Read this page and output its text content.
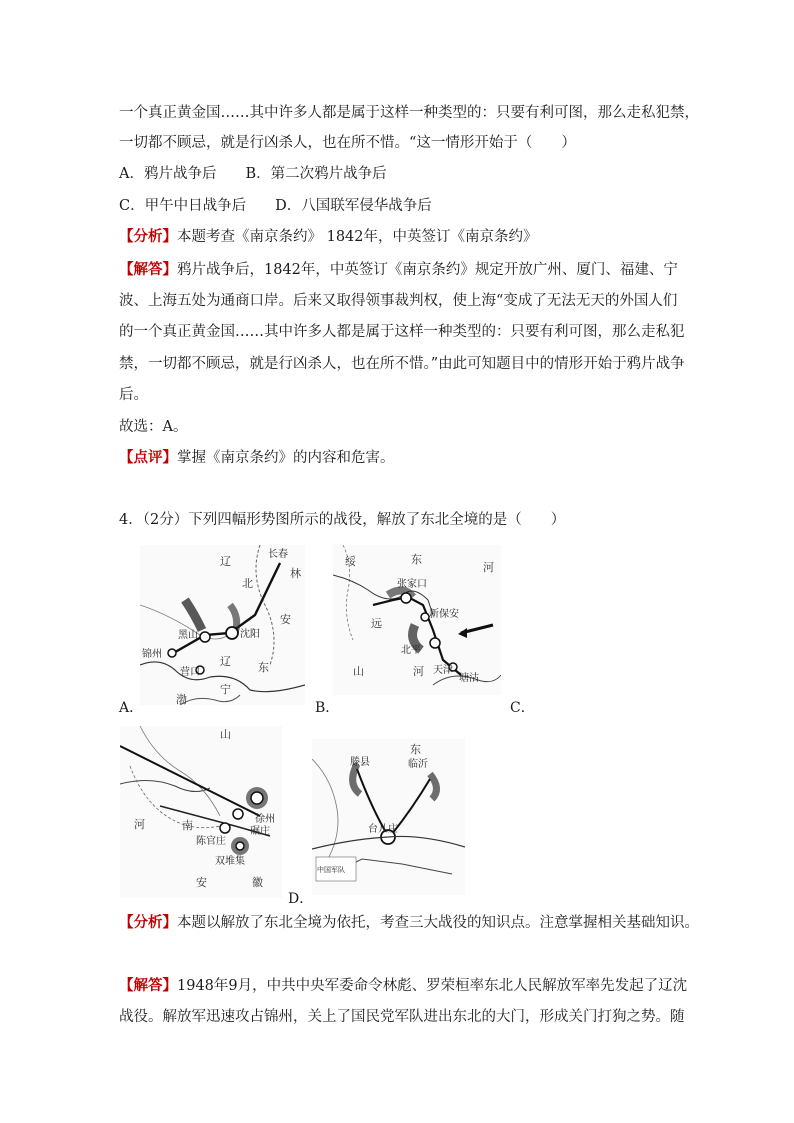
一个真正黄金国……其中许多人都是属于这样一种类型的：只要有利可图，那么走私犯禁，
一切都不顾忌，就是行凶杀人，也在所不惜。“这一情形开始于（　　）
A．鸦片战争后　　B．第二次鸦片战争后
C．甲午中日战争后　　D．八国联军侵华战争后
【分析】本题考查《南京条约》 1842年，中英签订《南京条约》
【解答】鸦片战争后，1842年，中英签订《南京条约》规定开放广州、厦门、福建、宁
波、上海五处为通商口岸。后来又取得领事裁判权，使上海“变成了无法无天的外国人们
的一个真正黄金国……其中许多人都是属于这样一种类型的：只要有利可图，那么走私犯
禁，一切都不顾忌，就是行凶杀人，也在所不惜。”由此可知题目中的情形开始于鸦片战争
后。
故选：A。
【点评】掌握《南京条约》的内容和危害。
4．（2分）下列四幅形势图所示的战役，解放了东北全境的是（　　）
辽
长春
林
北
安
黑山	沈阳
锦州
营口
辽 东
宁
渤
A．
绥	东
河
张家口
新保安
远
北平
天津
塘沽
山	河
B．	C．
山
徐州
碾庄
河	南
陈官庄
双堆集
安	徽
东
滕县	临沂
台儿庄
中国军队
D．
【分析】本题以解放了东北全境为依托，考查三大战役的知识点。注意掌握相关基础知识。
【解答】1948年9月，中共中央军委命令林彪、罗荣桓率东北人民解放军率先发起了辽沈
战役。解放军迅速攻占锦州，关上了国民党军队进出东北的大门，形成关门打狗之势。随
